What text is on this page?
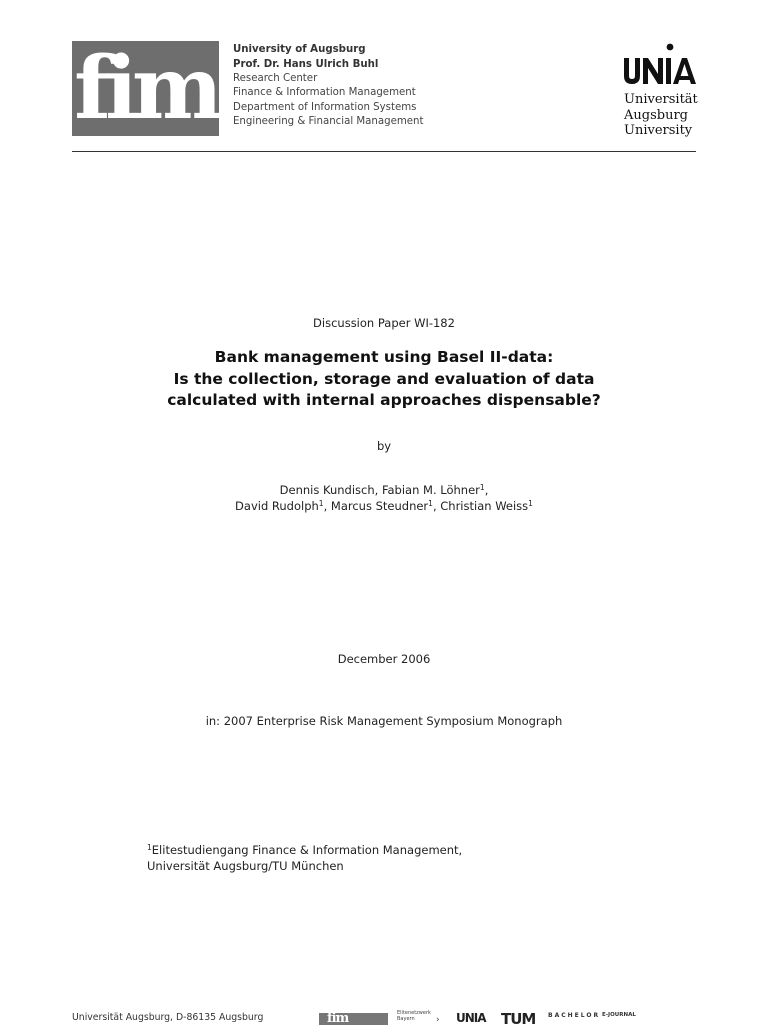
fim University of Augsburg
Prof. Dr. Hans Ulrich Buhl
Research Center
Finance & Information Management
Department of Information Systems
Engineering & Financial Management
Universität
Augsburg
University
Discussion Paper WI-182
Bank management using Basel II-data:
Is the collection, storage and evaluation of data
calculated with internal approaches dispensable?
by
Dennis Kundisch, Fabian M. Löhner$^1$,
David Rudolph$^1$, Marcus Steudner$^1$, Christian Weiss$^1$
December 2006
in: 2007 Enterprise Risk Management Symposium Monograph
$^1$Elitestudiengang Finance & Information Management,
Universität Augsburg/TU München
Universität Augsburg, D-86135 Augsburg	fim	Elitenetzwerk
Bayern	› UNIA TUM BACHELOR E-JOURNAL
